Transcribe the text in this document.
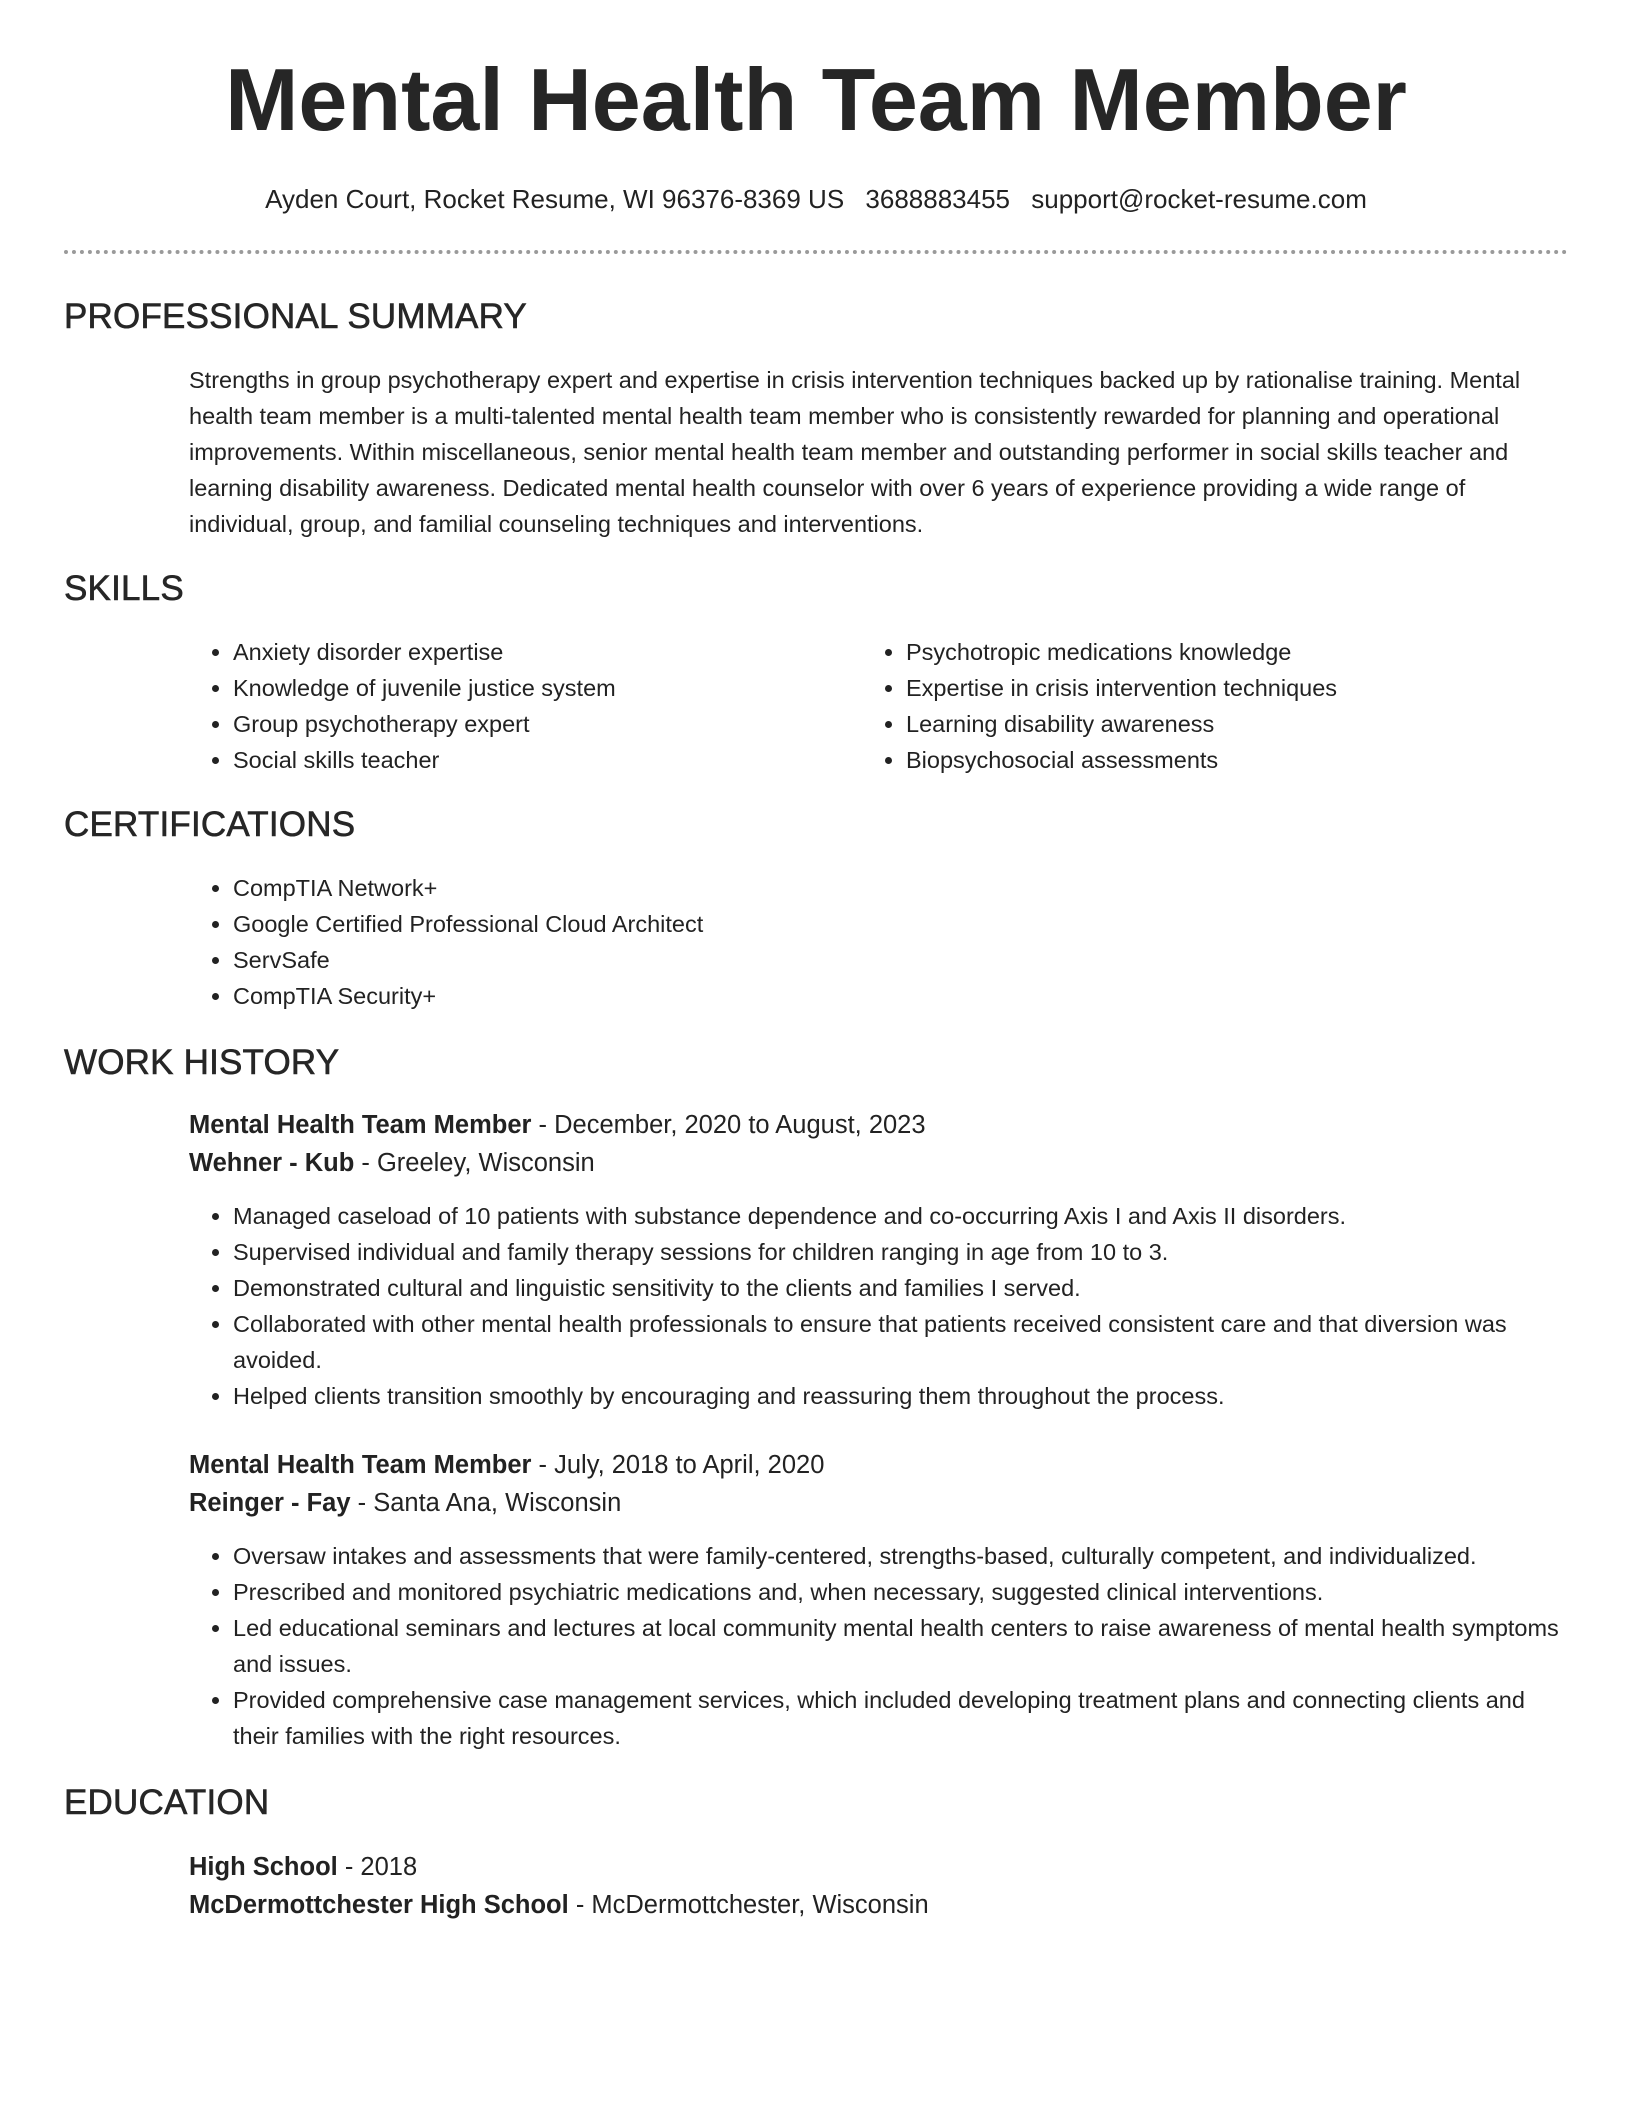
Mental Health Team Member
Ayden Court, Rocket Resume, WI 96376-8369 US 3688883455 support@rocket-resume.com
PROFESSIONAL SUMMARY
Strengths in group psychotherapy expert and expertise in crisis intervention techniques backed up by rationalise training. Mental health team member is a multi-talented mental health team member who is consistently rewarded for planning and operational improvements. Within miscellaneous, senior mental health team member and outstanding performer in social skills teacher and learning disability awareness. Dedicated mental health counselor with over 6 years of experience providing a wide range of individual, group, and familial counseling techniques and interventions.
SKILLS
• Anxiety disorder expertise
• Knowledge of juvenile justice system
• Group psychotherapy expert
• Social skills teacher
• Psychotropic medications knowledge
• Expertise in crisis intervention techniques
• Learning disability awareness
• Biopsychosocial assessments
CERTIFICATIONS
• CompTIA Network+
• Google Certified Professional Cloud Architect
• ServSafe
• CompTIA Security+
WORK HISTORY
Mental Health Team Member - December, 2020 to August, 2023
Wehner - Kub - Greeley, Wisconsin
• Managed caseload of 10 patients with substance dependence and co-occurring Axis I and Axis II disorders.
• Supervised individual and family therapy sessions for children ranging in age from 10 to 3.
• Demonstrated cultural and linguistic sensitivity to the clients and families I served.
• Collaborated with other mental health professionals to ensure that patients received consistent care and that diversion was avoided.
• Helped clients transition smoothly by encouraging and reassuring them throughout the process.
Mental Health Team Member - July, 2018 to April, 2020
Reinger - Fay - Santa Ana, Wisconsin
• Oversaw intakes and assessments that were family-centered, strengths-based, culturally competent, and individualized.
• Prescribed and monitored psychiatric medications and, when necessary, suggested clinical interventions.
• Led educational seminars and lectures at local community mental health centers to raise awareness of mental health symptoms and issues.
• Provided comprehensive case management services, which included developing treatment plans and connecting clients and their families with the right resources.
EDUCATION
High School - 2018
McDermottchester High School - McDermottchester, Wisconsin
